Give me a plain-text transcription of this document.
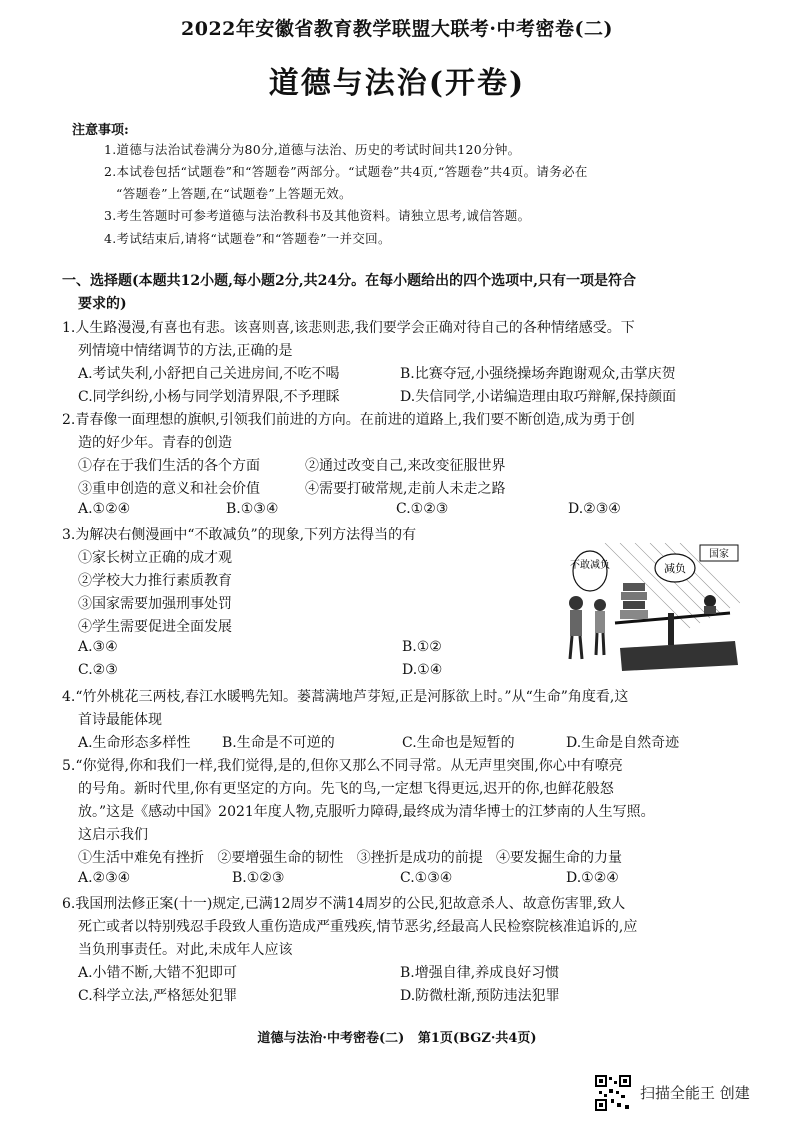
2022年安徽省教育教学联盟大联考·中考密卷(二)
道德与法治(开卷)
注意事项:
1.道德与法治试卷满分为80分,道德与法治、历史的考试时间共120分钟。
2.本试卷包括“试题卷”和“答题卷”两部分。“试题卷”共4页,“答题卷”共4页。请务必在
“答题卷”上答题,在“试题卷”上答题无效。
3.考生答题时可参考道德与法治教科书及其他资料。请独立思考,诚信答题。
4.考试结束后,请将“试题卷”和“答题卷”一并交回。
一、选择题(本题共12小题,每小题2分,共24分。在每小题给出的四个选项中,只有一项是符合
要求的)
1.人生路漫漫,有喜也有悲。该喜则喜,该悲则悲,我们要学会正确对待自己的各种情绪感受。下
列情境中情绪调节的方法,正确的是
A.考试失利,小舒把自己关进房间,不吃不喝	B.比赛夺冠,小强绕操场奔跑谢观众,击掌庆贺
C.同学纠纷,小杨与同学划清界限,不予理睬	D.失信同学,小诺编造理由取巧辩解,保持颜面
2.青春像一面理想的旗帜,引领我们前进的方向。在前进的道路上,我们要不断创造,成为勇于创
造的好少年。青春的创造
①存在于我们生活的各个方面	②通过改变自己,来改变征服世界
③重申创造的意义和社会价值	④需要打破常规,走前人未走之路
A.①②④	B.①③④	C.①②③	D.②③④
3.为解决右侧漫画中“不敢减负”的现象,下列方法得当的有
①家长树立正确的成才观
②学校大力推行素质教育
③国家需要加强刑事处罚
④学生需要促进全面发展
A.③④	B.①②
C.②③	D.①④
不敢减负	减负
国家
4.“竹外桃花三两枝,春江水暖鸭先知。蒌蒿满地芦芽短,正是河豚欲上时。”从“生命”角度看,这
首诗最能体现
A.生命形态多样性 B.生命是不可逆的	C.生命也是短暂的	D.生命是自然奇迹
5.“你觉得,你和我们一样,我们觉得,是的,但你又那么不同寻常。从无声里突围,你心中有嘹亮
的号角。新时代里,你有更坚定的方向。先飞的鸟,一定想飞得更远,迟开的你,也鲜花般怒
放。”这是《感动中国》2021年度人物,克服听力障碍,最终成为清华博士的江梦南的人生写照。
这启示我们
①生活中难免有挫折   ②要增强生命的韧性   ③挫折是成功的前提   ④要发掘生命的力量
A.②③④	B.①②③	C.①③④	D.①②④
6.我国刑法修正案(十一)规定,已满12周岁不满14周岁的公民,犯故意杀人、故意伤害罪,致人
死亡或者以特别残忍手段致人重伤造成严重残疾,情节恶劣,经最高人民检察院核准追诉的,应
当负刑事责任。对此,未成年人应该
A.小错不断,大错不犯即可	B.增强自律,养成良好习惯
C.科学立法,严格惩处犯罪	D.防微杜渐,预防违法犯罪
道德与法治·中考密卷(二)   第1页(BGZ·共4页)
扫描全能王 创建
